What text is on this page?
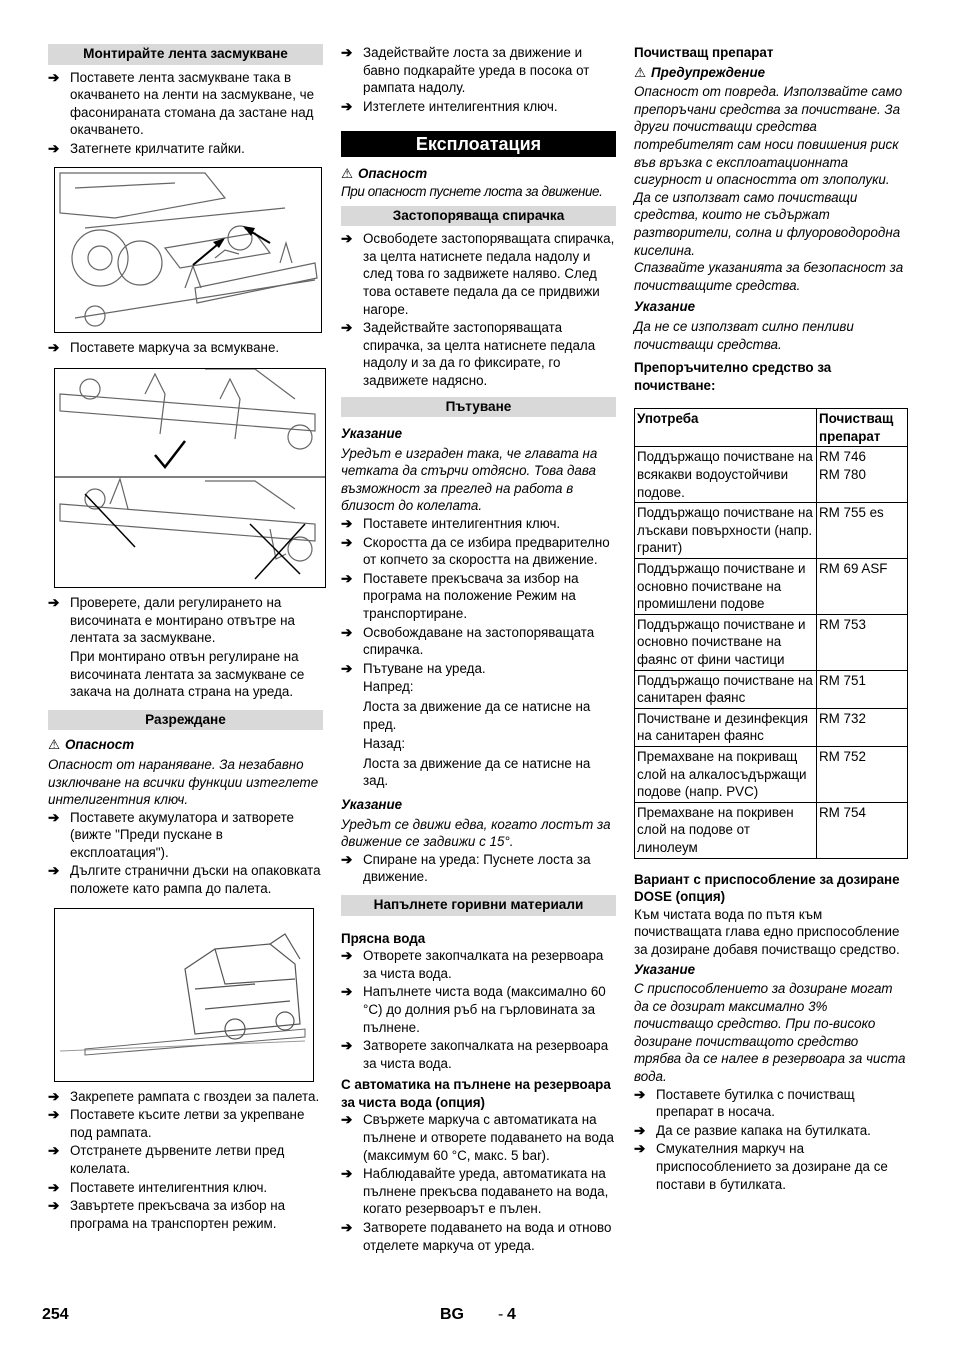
Монтирайте лента засмукване
➔ Поставете лента засмукване така в окачването на ленти на засмукване, че фасонираната стомана да застане над окачването.
➔ Затегнете крилчатите гайки.
➔ Поставете маркуча за всмукване.
➔ Проверете, дали регулирането на височината е монтирано отвътре на лентата за засмукване.
При монтирано отвън регулиране на височината лентата за засмукване се закача на долната страна на уреда.
Разреждане
⚠ Опасност
Опасност от нараняване. За незабавно изключване на всички функции изтеглете интелигентния ключ.
➔ Поставете акумулатора и затворете (вижте "Преди пускане в експлоатация").
➔ Дългите странични дъски на опаковката положете като рампа до палета.
➔ Закрепете рампата с гвоздеи за палета.
➔ Поставете късите летви за укрепване под рампата.
➔ Отстранете дървените летви пред колелата.
➔ Поставете интелигентния ключ.
➔ Завъртете прекъсвача за избор на програма на транспортен режим.
➔ Задействайте лоста за движение и бавно подкарайте уреда в посока от рампата надолу.
➔ Изтеглете интелигентния ключ.
Експлоатация
⚠ Опасност
При опасност пуснете лоста за движение.
Застопоряваща спирачка
➔ Освободете застопоряващата спирачка, за целта натиснете педала надолу и след това го задвижете наляво. След това оставете педала да се придвижи нагоре.
➔ Задействайте застопоряващата спирачка, за целта натиснете педала надолу и за да го фиксирате, го задвижете надясно.
Пътуване
Указание
Уредът е изграден така, че главата на четката да стърчи отдясно. Това дава възможност за преглед на работа в близост до колелата.
➔ Поставете интелигентния ключ.
➔ Скоростта да се избира предварително от копчето за скоростта на движение.
➔ Поставете прекъсвача за избор на програма на положение Режим на транспортиране.
➔ Освобождаване на застопоряващата спирачка.
➔ Пътуване на уреда.
Напред:
Лоста за движение да се натисне на пред.
Назад:
Лоста за движение да се натисне на зад.
Указание
Уредът се движи едва, когато лостът за движение се задвижи с 15°.
➔ Спиране на уреда: Пуснете лоста за движение.
Напълнете горивни материали
Прясна вода
➔ Отворете закопчалката на резервоара за чиста вода.
➔ Напълнете чиста вода (максимално 60 °C) до долния ръб на гърловината за пълнене.
➔ Затворете закопчалката на резервоара за чиста вода.
С автоматика на пълнене на резервоара за чиста вода (опция)
➔ Свържете маркуча с автоматиката на пълнене и отворете подаването на вода (максимум 60 °C, макс. 5 bar).
➔ Наблюдавайте уреда, автоматиката на пълнене прекъсва подаването на вода, когато резервоарът е пълен.
➔ Затворете подаването на вода и отново отделете маркуча от уреда.
Почистващ препарат
⚠ Предупреждение
Опасност от повреда. Използвайте само препоръчани средства за почистване. За други почистващи средства потребителят сам носи повишения риск във връзка с експлоатационната сигурност и опасността от злополуки. Да се използват само почистващи средства, които не съдържат разтворители, солна и флуороводородна киселина.
Спазвайте указанията за безопасност за почистващите средства.
Указание
Да не се използват силно пенливи почистващи средства.
Препоръчително средство за почистване:
Употреба	Почистващ препарат
Поддържащо почистване на всякакви водоустойчиви подове.	RM 746
RM 780
Поддържащо почистване на лъскави повърхности (напр. гранит)	RM 755 es
Поддържащо почистване и основно почистване на промишлени подове	RM 69 ASF
Поддържащо почистване и основно почистване на фаянс от фини частици	RM 753
Поддържащо почистване на санитарен фаянс	RM 751
Почистване и дезинфекция на санитарен фаянс	RM 732
Премахване на покриващ слой на алкалосъдържащи подове (напр. PVC)	RM 752
Премахване на покривен слой на подове от линолеум	RM 754
Вариант с приспособление за дозиране DOSE (опция)
Към чистата вода по пътя към почистващата глава едно приспособление за дозиране добавя почистващо средство.
Указание
С приспособлението за дозиране могат да се дозират максимално 3% почистващо средство. При по-високо дозиране почистващото средство трябва да се налее в резервоара за чиста вода.
➔ Поставете бутилка с почистващ препарат в носача.
➔ Да се развие капака на бутилката.
➔ Смукателния маркуч на приспособлението за дозиране да се постави в бутилката.
254	BG - 4
